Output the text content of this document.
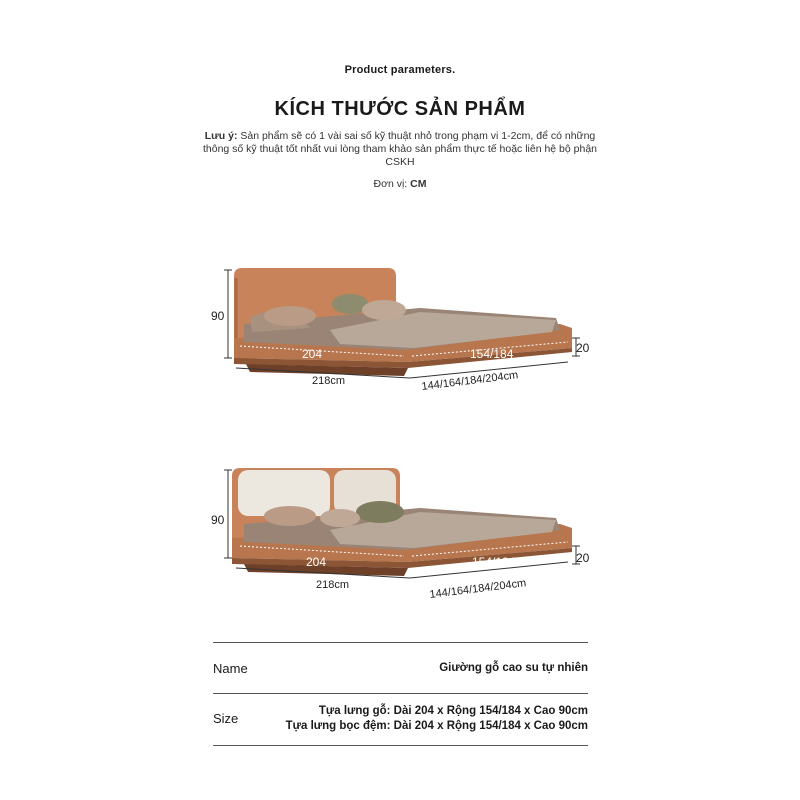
Product parameters.
KÍCH THƯỚC SẢN PHẨM
Lưu ý: Sản phẩm sẽ có 1 vài sai số kỹ thuật nhỏ trong phạm vi 1-2cm, để có những thông số kỹ thuật tốt nhất vui lòng tham khảo sản phẩm thực tế hoặc liên hệ bộ phận CSKH
Đơn vị: CM
90
204	154/184	20
218cm	144/164/184/204cm
90
204	154/184	20
218cm	144/164/184/204cm
Name	Giường gỗ cao su tự nhiên
Size	Tựa lưng gỗ: Dài 204 x Rộng 154/184 x Cao 90cm
Tựa lưng bọc đệm: Dài 204 x Rộng 154/184 x Cao 90cm
